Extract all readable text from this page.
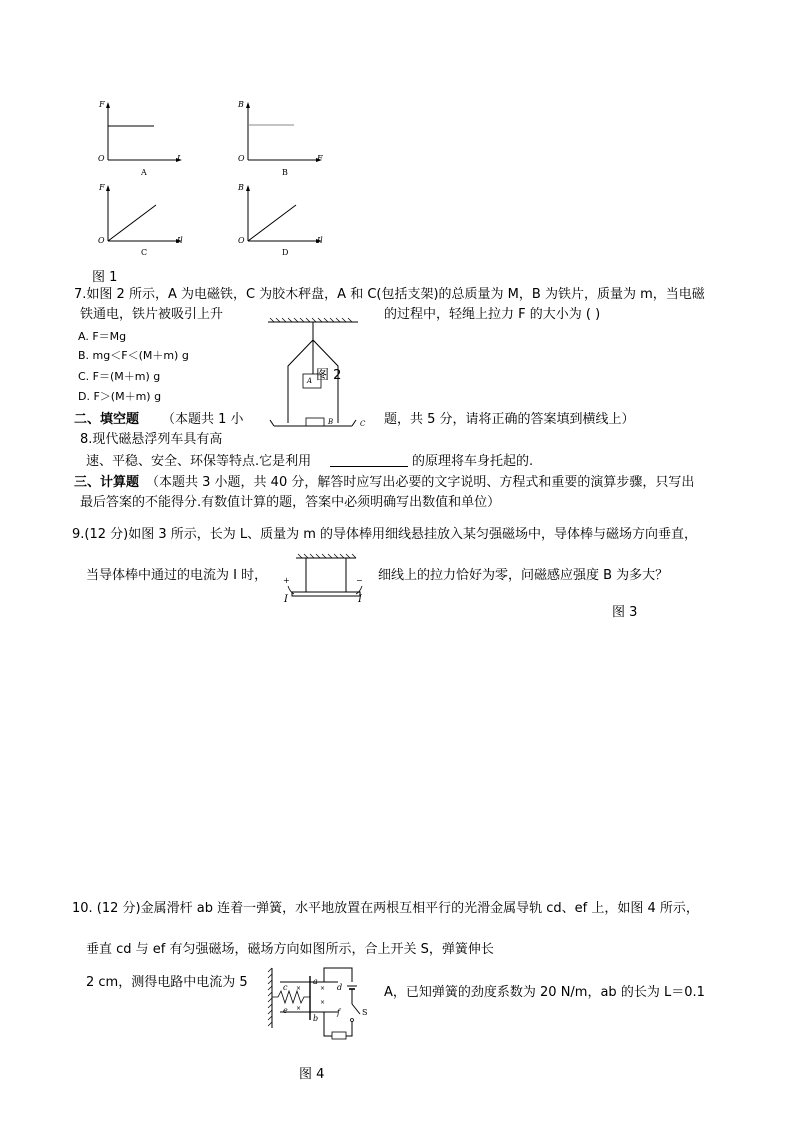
F
O	I
A
B
O	F
B
F
O	Il
C
B
O	Il
D
图 1
7.如图 2 所示，A 为电磁铁，C 为胶木秤盘，A 和 C(包括支架)的总质量为 M，B 为铁片，质量为 m，当电磁
铁通电，铁片被吸引上升	的过程中，轻绳上拉力 F 的大小为 ( )
A. F＝Mg
B. mg＜F＜(M＋m) g
C. F＝(M＋m) g
D. F＞(M＋m) g
A
B	C
图 2
二、填空题 （本题共 1 小	题，共 5 分，请将正确的答案填到横线上）
8.现代磁悬浮列车具有高
速、平稳、安全、环保等特点.它是利用	的原理将车身托起的.
三、计算题 （本题共 3 小题，共 40 分，解答时应写出必要的文字说明、方程式和重要的演算步骤，只写出
最后答案的不能得分.有数值计算的题，答案中必须明确写出数值和单位）
9.(12 分)如图 3 所示，长为 L、质量为 m 的导体棒用细线悬挂放入某匀强磁场中，导体棒与磁场方向垂直，
当导体棒中通过的电流为 I 时，	细线上的拉力恰好为零，问磁感应强度 B 为多大？
+	−
I	I
图 3
10. (12 分)金属滑杆 ab 连着一弹簧，水平地放置在两根互相平行的光滑金属导轨 cd、ef 上，如图 4 所示，
垂直 cd 与 ef 有匀强磁场，磁场方向如图所示，合上开关 S，弹簧伸长
2 cm，测得电路中电流为 5
A，已知弹簧的劲度系数为 20 N/m，ab 的长为 L＝0.1
×	×
×
×
c
e
a
b
d
f	S
图 4
